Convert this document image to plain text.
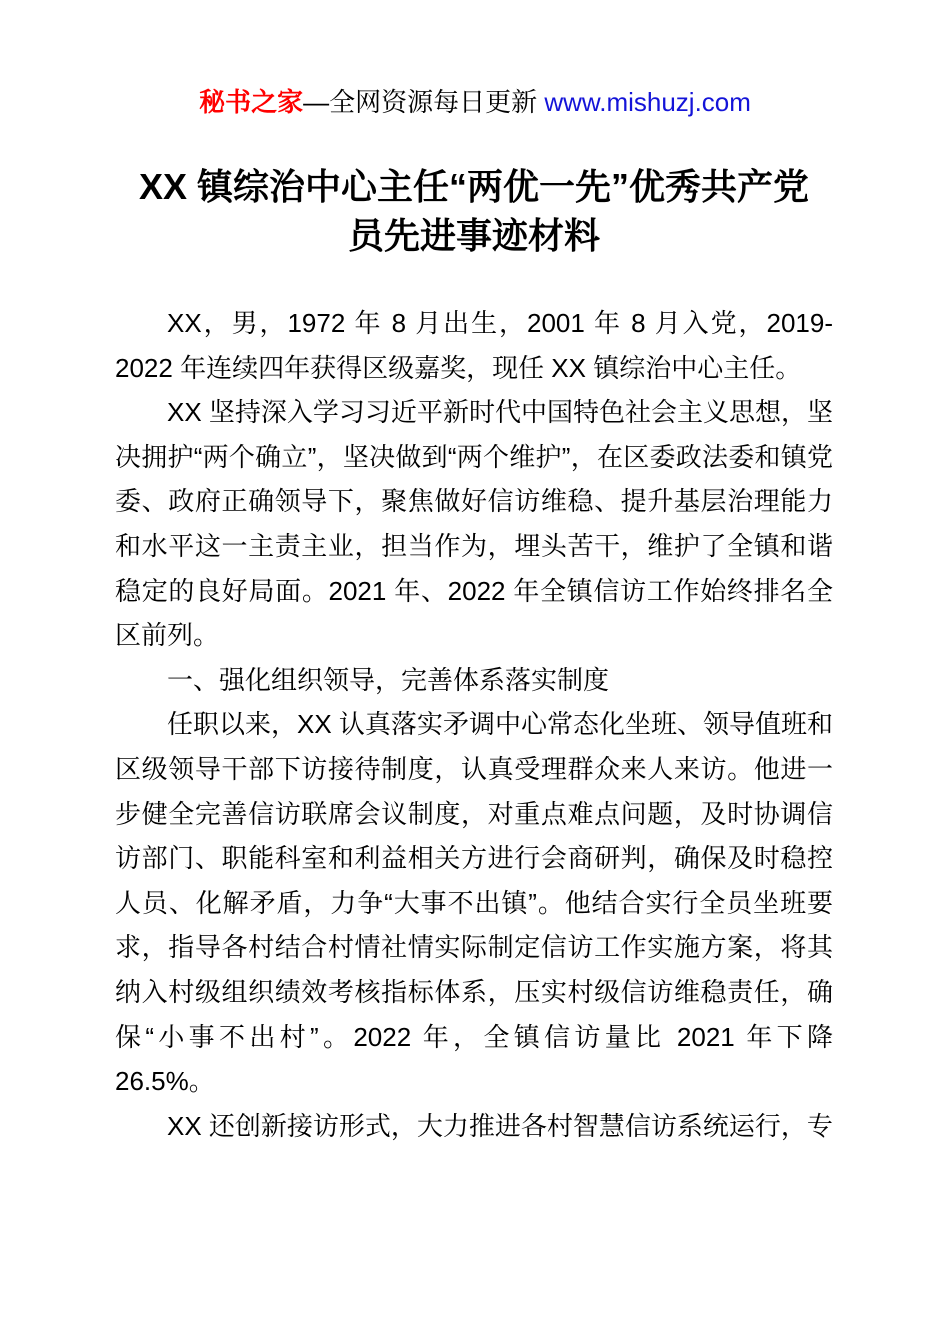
秘书之家—全网资源每日更新 www.mishuzj.com
XX 镇综治中心主任“两优一先”优秀共产党
员先进事迹材料

XX，男，1972 年 8 月出生，2001 年 8 月入党，2019-2022 年连续四年获得区级嘉奖，现任 XX 镇综治中心主任。

XX 坚持深入学习习近平新时代中国特色社会主义思想，坚决拥护“两个确立”，坚决做到“两个维护”，在区委政法委和镇党委、政府正确领导下，聚焦做好信访维稳、提升基层治理能力和水平这一主责主业，担当作为，埋头苦干，维护了全镇和谐稳定的良好局面。2021 年、2022 年全镇信访工作始终排名全区前列。

一、强化组织领导，完善体系落实制度

任职以来，XX 认真落实矛调中心常态化坐班、领导值班和区级领导干部下访接待制度，认真受理群众来人来访。他进一步健全完善信访联席会议制度，对重点难点问题，及时协调信访部门、职能科室和利益相关方进行会商研判，确保及时稳控人员、化解矛盾，力争“大事不出镇”。他结合实行全员坐班要求，指导各村结合村情社情实际制定信访工作实施方案，将其纳入村级组织绩效考核指标体系，压实村级信访维稳责任，确保“小事不出村”。2022 年，全镇信访量比 2021 年下降 26.5%。

XX 还创新接访形式，大力推进各村智慧信访系统运行，专
